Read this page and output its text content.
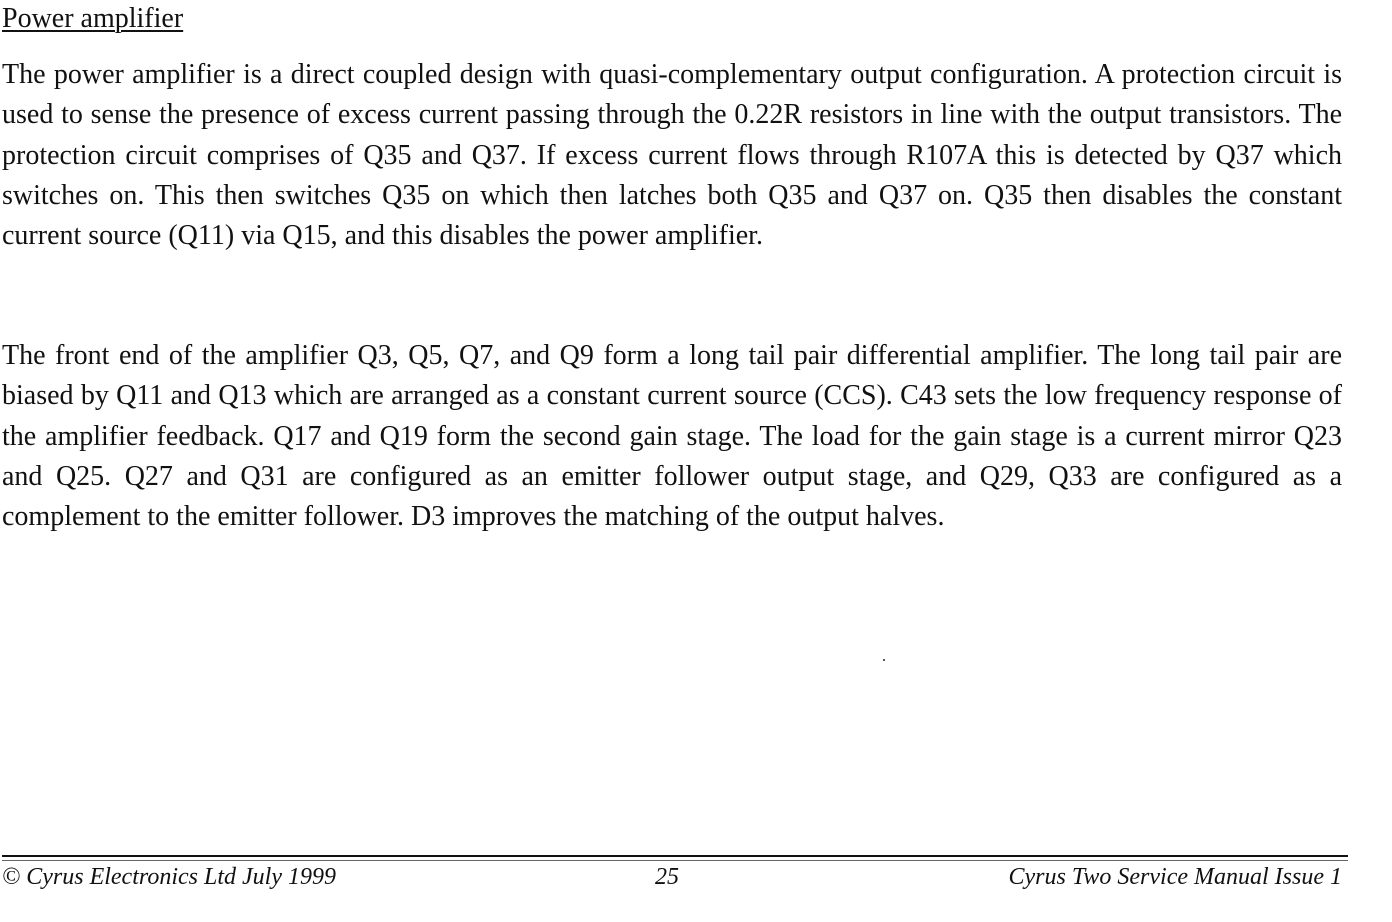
Power amplifier

The power amplifier is a direct coupled design with quasi-complementary output configuration. A protection circuit is used to sense the presence of excess current passing through the 0.22R resistors in line with the output transistors. The protection circuit comprises of Q35 and Q37. If excess current flows through R107A this is detected by Q37 which switches on. This then switches Q35 on which then latches both Q35 and Q37 on. Q35 then disables the constant current source (Q11) via Q15, and this disables the power amplifier.

The front end of the amplifier Q3, Q5, Q7, and Q9 form a long tail pair differential amplifier. The long tail pair are biased by Q11 and Q13 which are arranged as a constant current source (CCS). C43 sets the low frequency response of the amplifier feedback. Q17 and Q19 form the second gain stage. The load for the gain stage is a current mirror Q23 and Q25. Q27 and Q31 are configured as an emitter follower output stage, and Q29, Q33 are configured as a complement to the emitter follower. D3 improves the matching of the output halves.

© Cyrus Electronics Ltd July 1999	25	Cyrus Two Service Manual Issue 1
